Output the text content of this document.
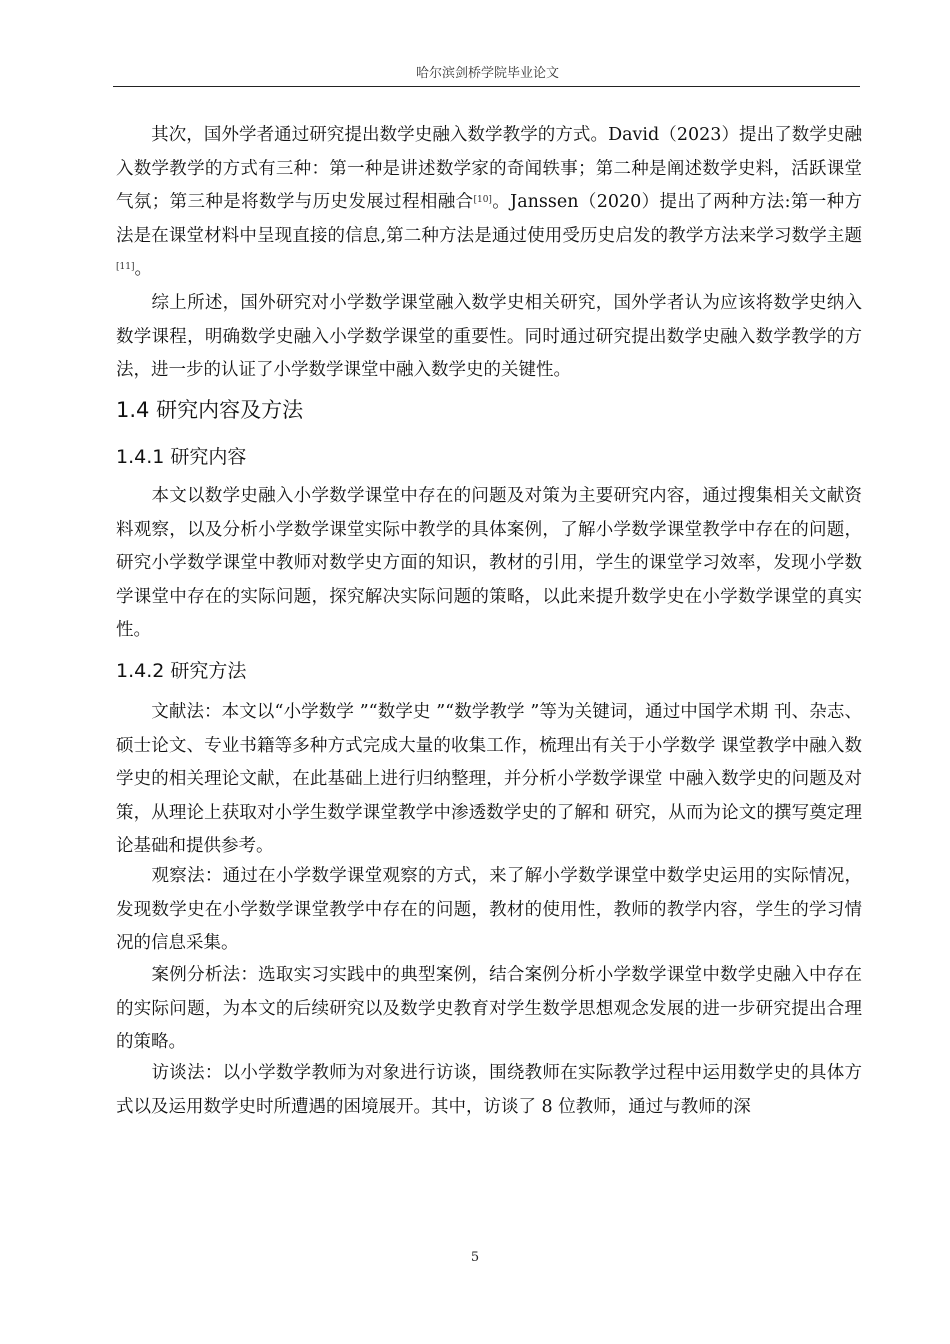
哈尔滨剑桥学院毕业论文

　　其次，国外学者通过研究提出数学史融入数学教学的方式。David（2023）提出了数学史融入数学教学的方式有三种：第一种是讲述数学家的奇闻轶事；第二种是阐述数学史料，活跃课堂气氛；第三种是将数学与历史发展过程相融合[10]。Janssen（2020）提出了两种方法:第一种方法是在课堂材料中呈现直接的信息,第二种方法是通过使用受历史启发的教学方法来学习数学主题[11]。

　　综上所述，国外研究对小学数学课堂融入数学史相关研究，国外学者认为应该将数学史纳入数学课程，明确数学史融入小学数学课堂的重要性。同时通过研究提出数学史融入数学教学的方法，进一步的认证了小学数学课堂中融入数学史的关键性。

1.4 研究内容及方法
1.4.1 研究内容

　　本文以数学史融入小学数学课堂中存在的问题及对策为主要研究内容，通过搜集相关文献资料观察，以及分析小学数学课堂实际中教学的具体案例，了解小学数学课堂教学中存在的问题，研究小学数学课堂中教师对数学史方面的知识，教材的引用，学生的课堂学习效率，发现小学数学课堂中存在的实际问题，探究解决实际问题的策略，以此来提升数学史在小学数学课堂的真实性。

1.4.2 研究方法

　　文献法：本文以“小学数学 ”“数学史 ”“数学教学 ”等为关键词，通过中国学术期 刊、杂志、硕士论文、专业书籍等多种方式完成大量的收集工作，梳理出有关于小学数学 课堂教学中融入数学史的相关理论文献，在此基础上进行归纳整理，并分析小学数学课堂 中融入数学史的问题及对策，从理论上获取对小学生数学课堂教学中渗透数学史的了解和 研究，从而为论文的撰写奠定理论基础和提供参考。

　　观察法：通过在小学数学课堂观察的方式，来了解小学数学课堂中数学史运用的实际情况，发现数学史在小学数学课堂教学中存在的问题，教材的使用性，教师的教学内容，学生的学习情况的信息采集。

　　案例分析法：选取实习实践中的典型案例，结合案例分析小学数学课堂中数学史融入中存在的实际问题，为本文的后续研究以及数学史教育对学生数学思想观念发展的进一步研究提出合理的策略。

　　访谈法：以小学数学教师为对象进行访谈，围绕教师在实际教学过程中运用数学史的具体方式以及运用数学史时所遭遇的困境展开。其中，访谈了 8 位教师，通过与教师的深

5
